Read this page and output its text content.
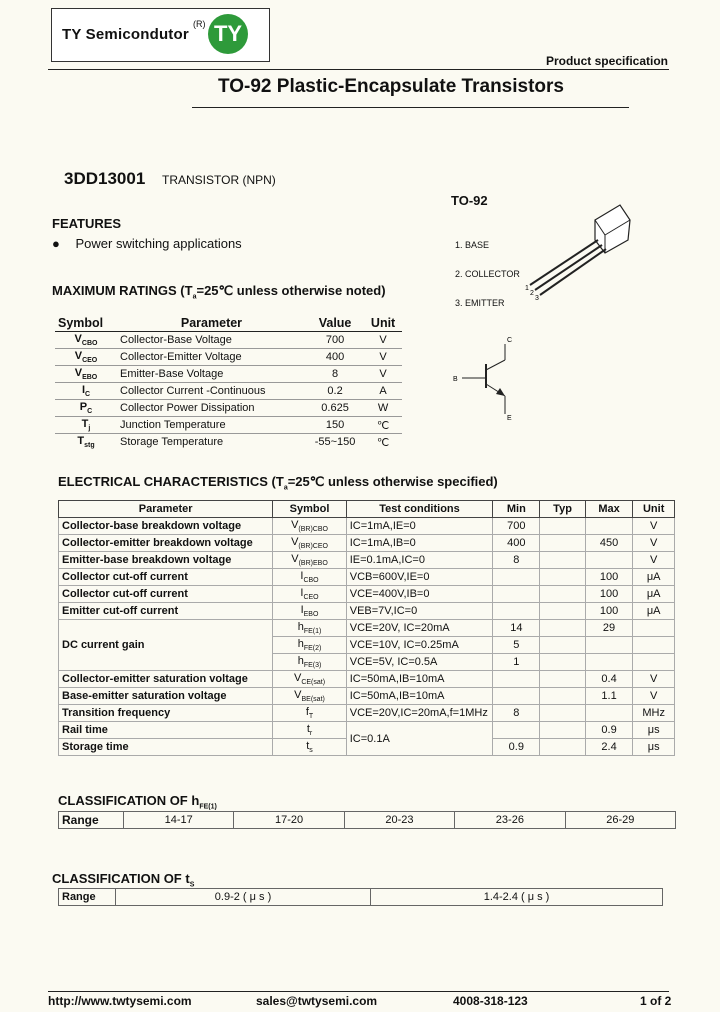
TY Semicondutor
(R) TY
Product specification
TO-92 Plastic-Encapsulate Transistors
3DD13001 TRANSISTOR (NPN)
FEATURES
● Power switching applications
TO-92
1. BASE
2. COLLECTOR
3. EMITTER
1
2
3
C
B
E
MAXIMUM RATINGS ($T_a=25℃$ unless otherwise noted)
Symbol	Parameter	Value	Unit
$V_{CBO}$	Collector-Base Voltage	700	V
$V_{CEO}$	Collector-Emitter Voltage	400	V
$V_{EBO}$	Emitter-Base Voltage	8	V
$I_C$	Collector Current -Continuous	0.2	A
$P_C$	Collector Power Dissipation	0.625	W
$T_j$	Junction Temperature	150	℃
$T_{stg}$	Storage Temperature	-55~150	℃
ELECTRICAL CHARACTERISTICS ($T_a=25℃$ unless otherwise specified)
Parameter	Symbol	Test conditions	Min	Typ	Max	Unit
Collector-base breakdown voltage	$V_{(BR)CBO}$	IC=1mA,IE=0	700			V
Collector-emitter breakdown voltage	$V_{(BR)CEO}$	IC=1mA,IB=0	400		450	V
Emitter-base breakdown voltage	$V_{(BR)EBO}$	IE=0.1mA,IC=0	8			V
Collector cut-off current	$I_{CBO}$	VCB=600V,IE=0			100	μA
Collector cut-off current	$I_{CEO}$	VCE=400V,IB=0			100	μA
Emitter cut-off current	$I_{EBO}$	VEB=7V,IC=0			100	μA
DC current gain	$h_{FE(1)}$	VCE=20V, IC=20mA	14		29	
	$h_{FE(2)}$	VCE=10V, IC=0.25mA	5			
	$h_{FE(3)}$	VCE=5V, IC=0.5A	1			
Collector-emitter saturation voltage	$V_{CE(sat)}$	IC=50mA,IB=10mA			0.4	V
Base-emitter saturation voltage	$V_{BE(sat)}$	IC=50mA,IB=10mA			1.1	V
Transition frequency	$f_T$	VCE=20V,IC=20mA,f=1MHz	8			MHz
Rail time	$t_r$	IC=0.1A			0.9	μs
Storage time	$t_s$		0.9		2.4	μs
CLASSIFICATION OF $h_{FE(1)}$
Range	14-17	17-20	20-23	23-26	26-29
CLASSIFICATION OF $t_S$
Range	0.9-2 ( μ s )	1.4-2.4 ( μ s )
http://www.twtysemi.com	sales@twtysemi.com	4008-318-123	1 of 2
